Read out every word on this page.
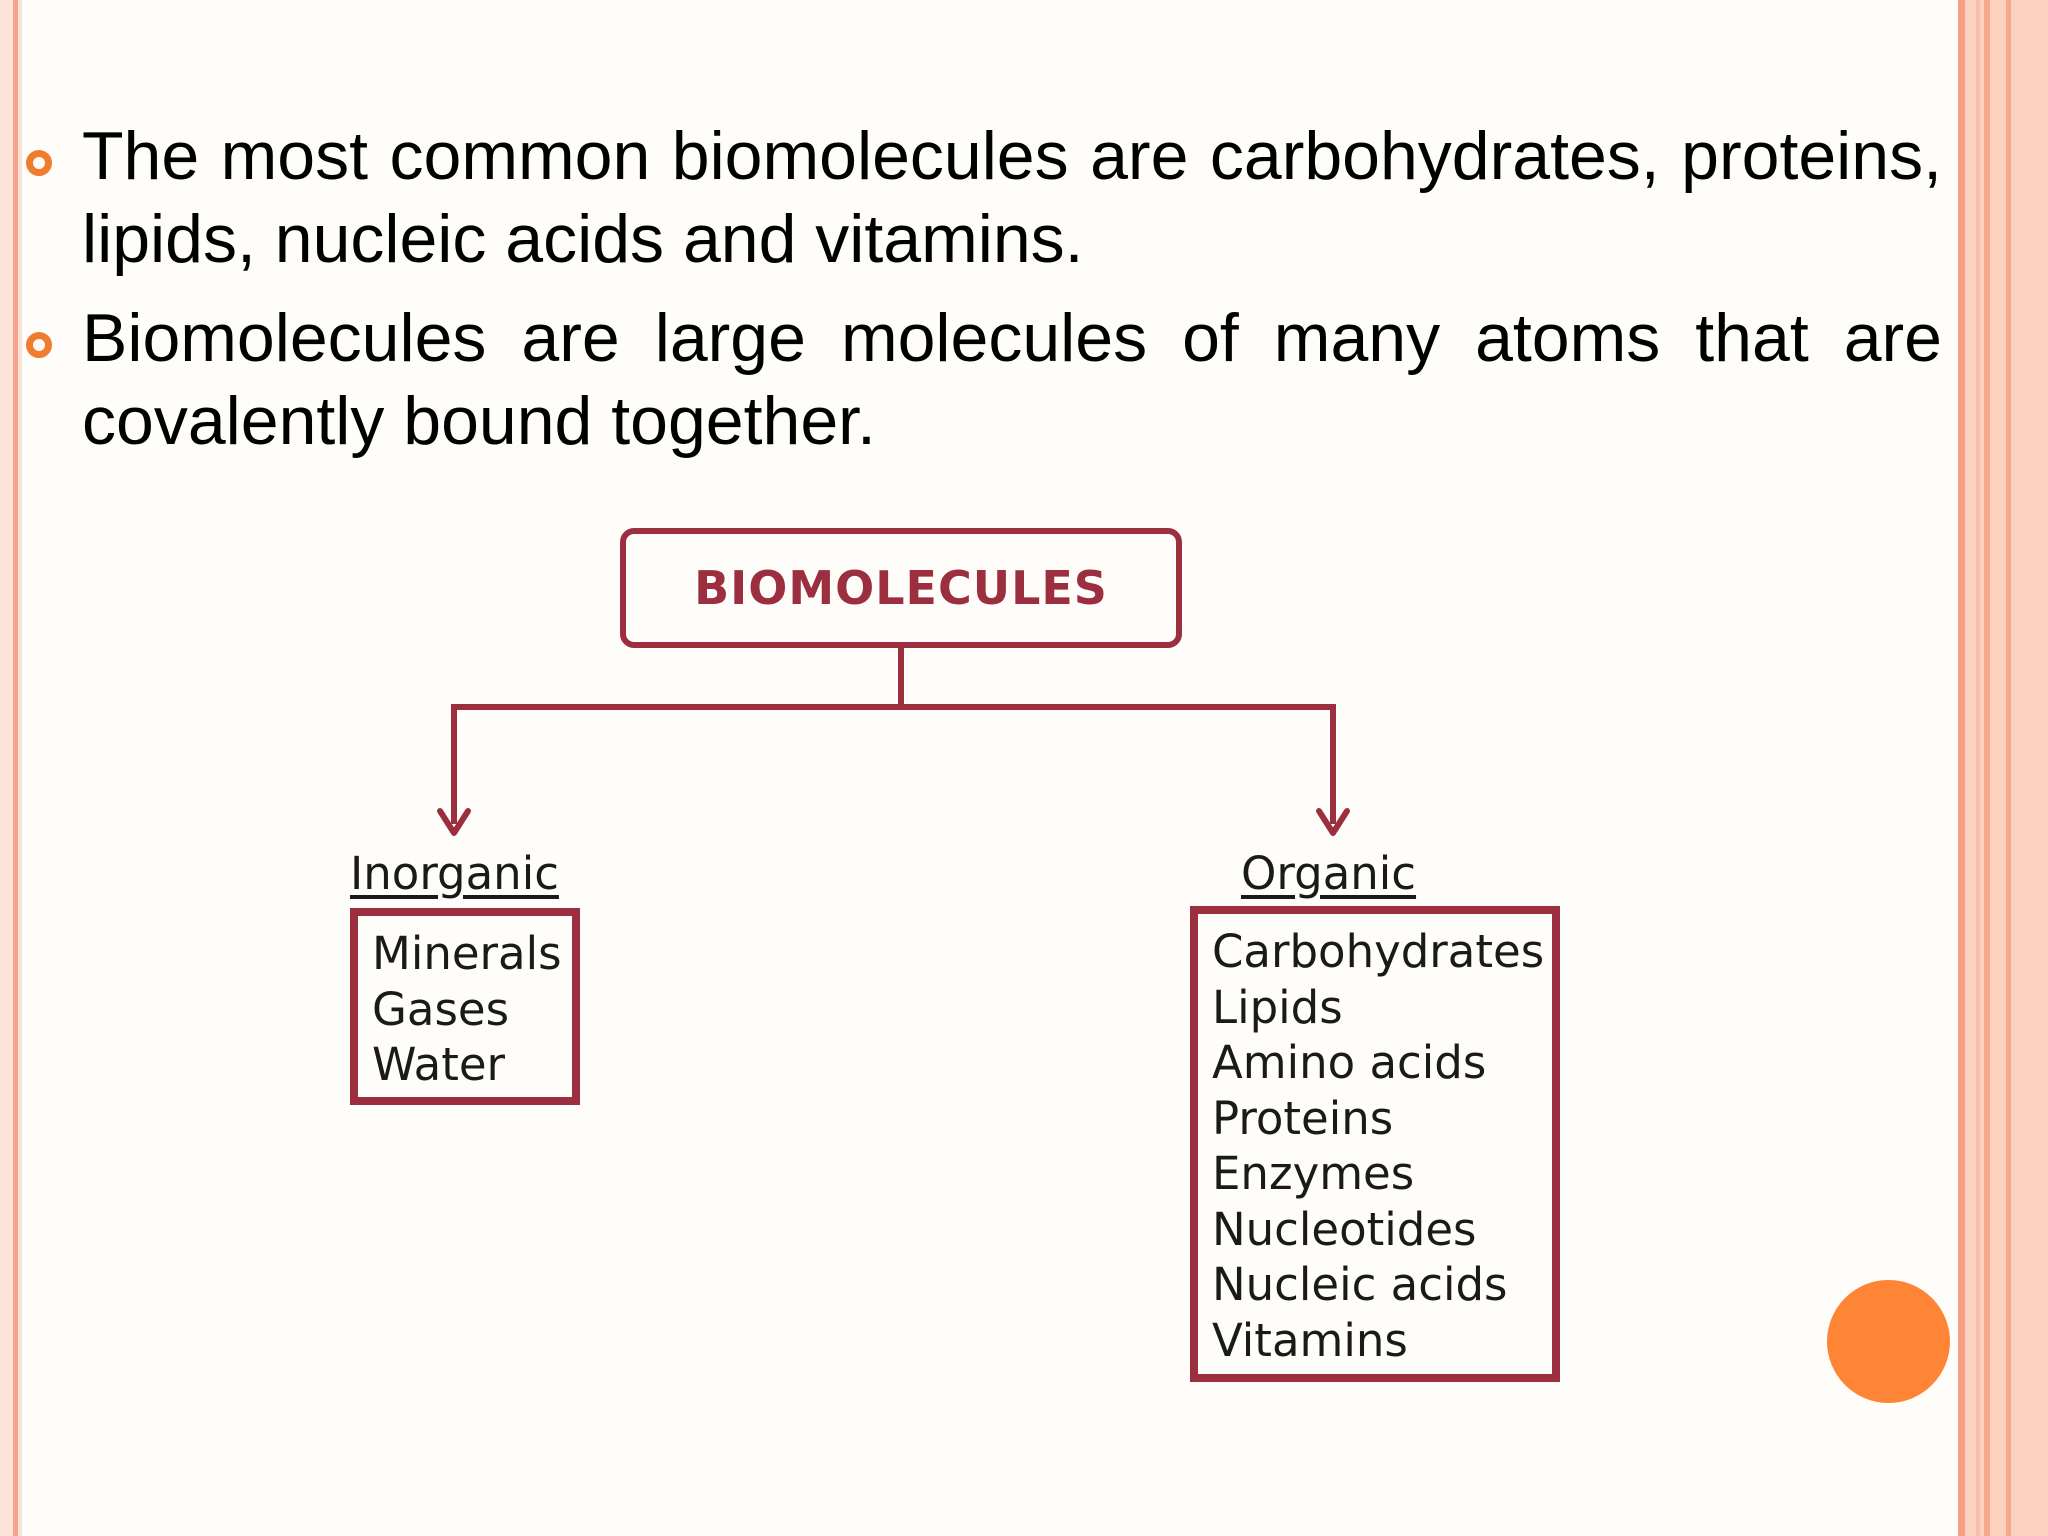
The most common biomolecules are carbohydrates, proteins, lipids, nucleic acids and vitamins.
Biomolecules are large molecules of many atoms that are covalently bound together.
BIOMOLECULES
Inorganic
Minerals
Gases
Water
Organic
Carbohydrates
Lipids
Amino acids
Proteins
Enzymes
Nucleotides
Nucleic acids
Vitamins
